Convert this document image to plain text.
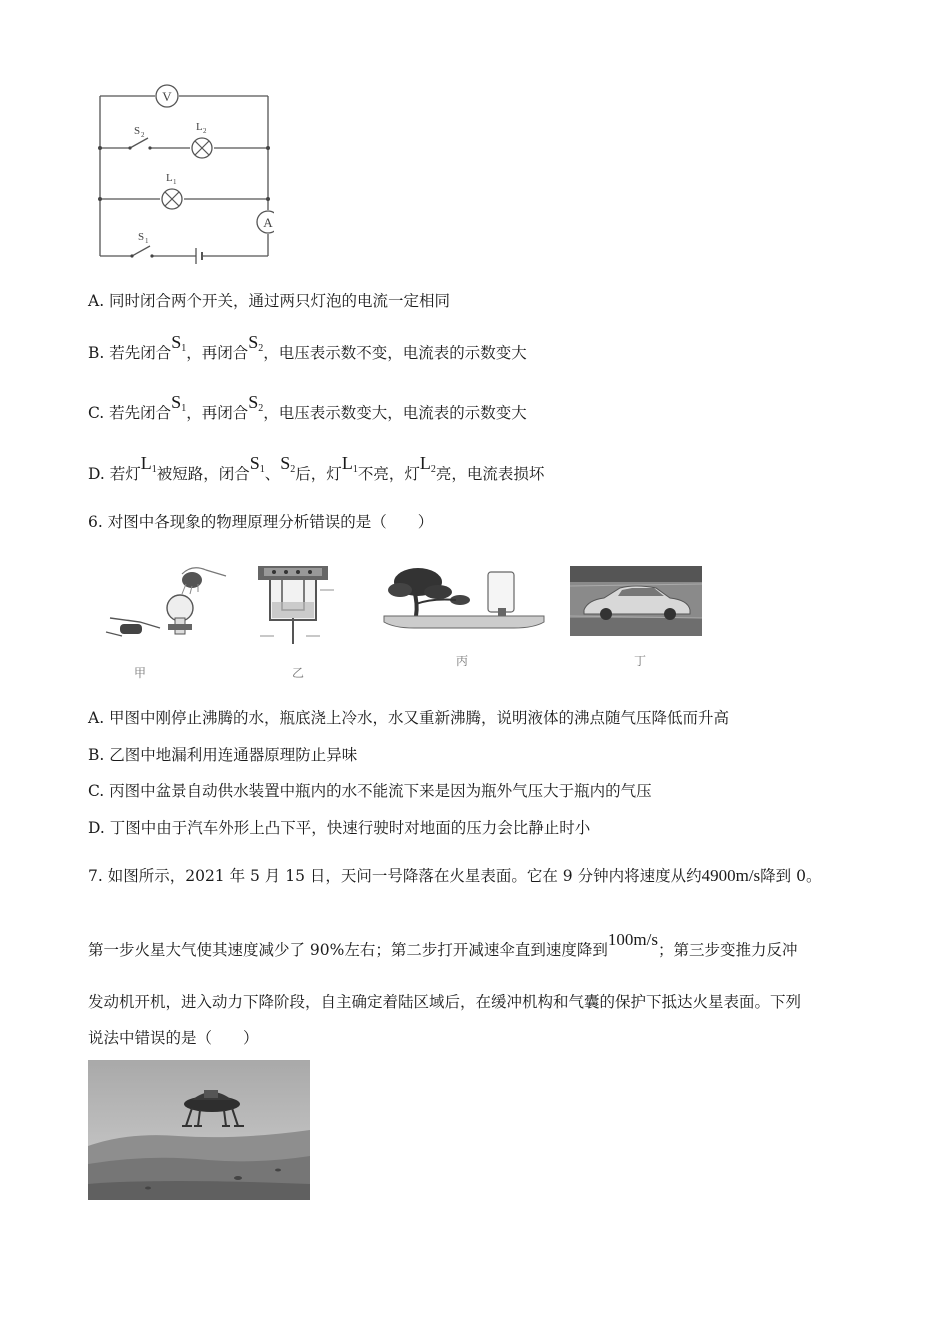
V
L 2
S 2
L 1
A
S 1
A. 同时闭合两个开关，通过两只灯泡的电流一定相同
B. 若先闭合$S_1$，再闭合$S_2$，电压表示数不变，电流表的示数变大
C. 若先闭合$S_1$，再闭合$S_2$，电压表示数变大，电流表的示数变大
D. 若灯$L_1$被短路，闭合$S_1$、$S_2$后，灯$L_1$不亮，灯$L_2$亮，电流表损坏
6. 对图中各现象的物理原理分析错误的是（　　）
甲	乙
丙	丁
A. 甲图中刚停止沸腾的水，瓶底浇上冷水，水又重新沸腾，说明液体的沸点随气压降低而升高
B. 乙图中地漏利用连通器原理防止异味
C. 丙图中盆景自动供水装置中瓶内的水不能流下来是因为瓶外气压大于瓶内的气压
D. 丁图中由于汽车外形上凸下平，快速行驶时对地面的压力会比静止时小
7. 如图所示，2021 年 5 月 15 日，天问一号降落在火星表面。它在 9 分钟内将速度从约4900m/s降到 0。
第一步火星大气使其速度减少了 90%左右；第二步打开减速伞直到速度降到100m/s；第三步变推力反冲
发动机开机，进入动力下降阶段，自主确定着陆区域后，在缓冲机构和气囊的保护下抵达火星表面。下列
说法中错误的是（　　）
